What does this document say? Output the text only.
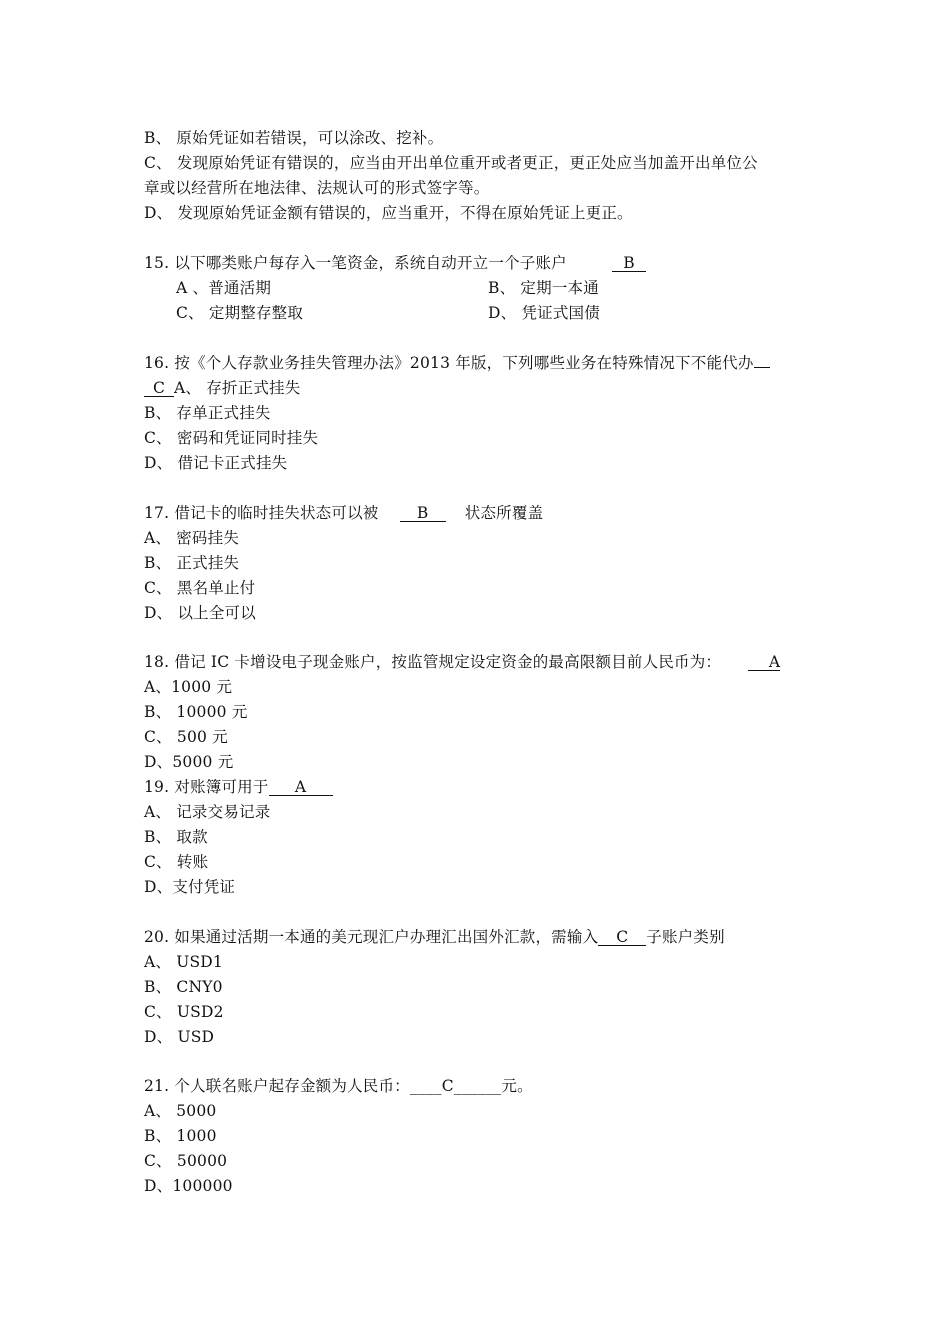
B、 原始凭证如若错误，可以涂改、挖补。
C、 发现原始凭证有错误的，应当由开出单位重开或者更正，更正处应当加盖开出单位公
章或以经营所在地法律、法规认可的形式签字等。
D、 发现原始凭证金额有错误的，应当重开，不得在原始凭证上更正。
15. 以下哪类账户每存入一笔资金，系统自动开立一个子账户	B
A 、普通活期	B、 定期一本通
C、 定期整存整取	D、 凭证式国债
16. 按《个人存款业务挂失管理办法》2013 年版，下列哪些业务在特殊情况下不能代办
C A、 存折正式挂失
B、 存单正式挂失
C、 密码和凭证同时挂失
D、 借记卡正式挂失
17. 借记卡的临时挂失状态可以被 B 状态所覆盖
A、 密码挂失
B、 正式挂失
C、 黑名单止付
D、 以上全可以
18. 借记 IC 卡增设电子现金账户，按监管规定设定资金的最高限额目前人民币为：	A
A、1000 元
B、 10000 元
C、 500 元
D、5000 元
19. 对账簿可用于 A
A、 记录交易记录
B、 取款
C、 转账
D、支付凭证
20. 如果通过活期一本通的美元现汇户办理汇出国外汇款，需输入 C 子账户类别
A、 USD1
B、 CNY0
C、 USD2
D、 USD
21. 个人联名账户起存金额为人民币：____C______元。
A、 5000
B、 1000
C、 50000
D、100000
